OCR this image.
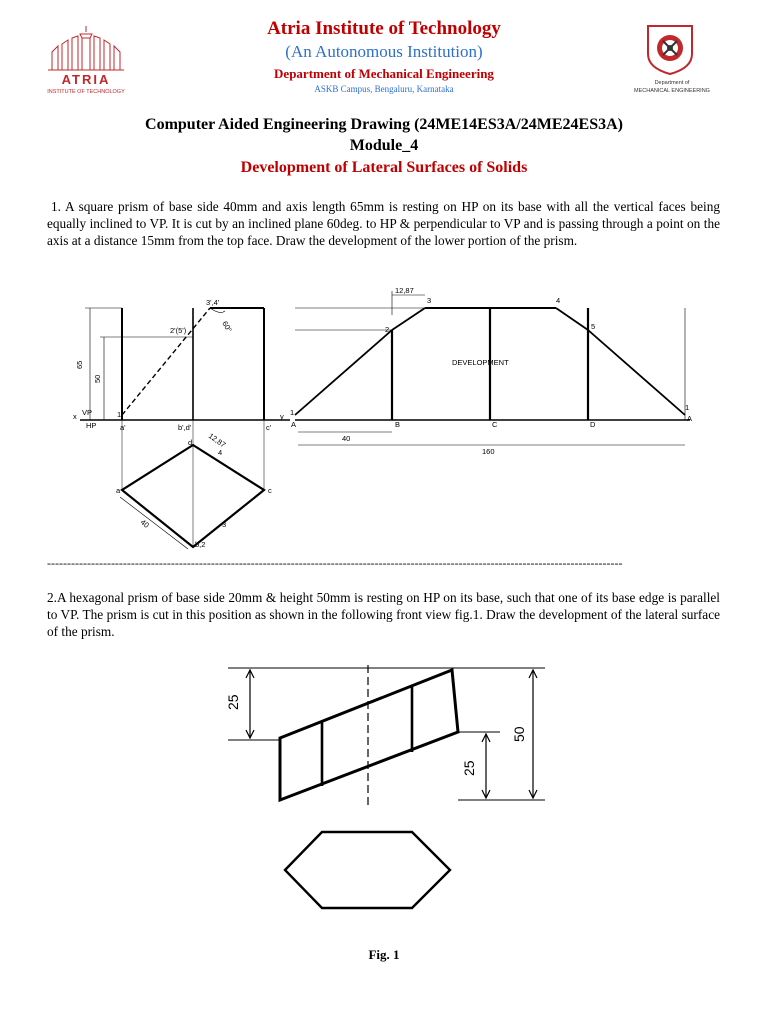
ATRIA
INSTITUTE OF TECHNOLOGY
Department of
MECHANICAL ENGINEERING
Atria Institute of Technology
(An Autonomous Institution)
Department of Mechanical Engineering
ASKB Campus, Bengaluru, Karnataka
Computer Aided Engineering Drawing (24ME14ES3A/24ME24ES3A)
Module_4
Development of Lateral Surfaces of Solids
1. A square prism of base side 40mm and axis length 65mm is resting on HP on its base with all the vertical faces being equally inclined to VP. It is cut by an inclined plane 60deg. to HP & perpendicular to VP and is passing through a point on the axis at a distance 15mm from the top face. Draw the development of the lower portion of the prism.
VP
HP
x	y
65
50
60°
3',4'
2'(5')
1'
a'	b',d'	c'
d
a	c
b,2
4
3
12,87
40
DEVELOPMENT
A	B	C	D
A
1
2
3	4
5
1
40
160
12,87
------------------------------------------------------------------------------------------------------------------------------------------------
2.A hexagonal prism of base side 20mm & height 50mm is resting on HP on its base, such that one of its base edge is parallel to VP. The prism is cut in this position as shown in the following front view fig.1. Draw the development of the lateral surface of the prism.
25
25
50
Fig. 1
